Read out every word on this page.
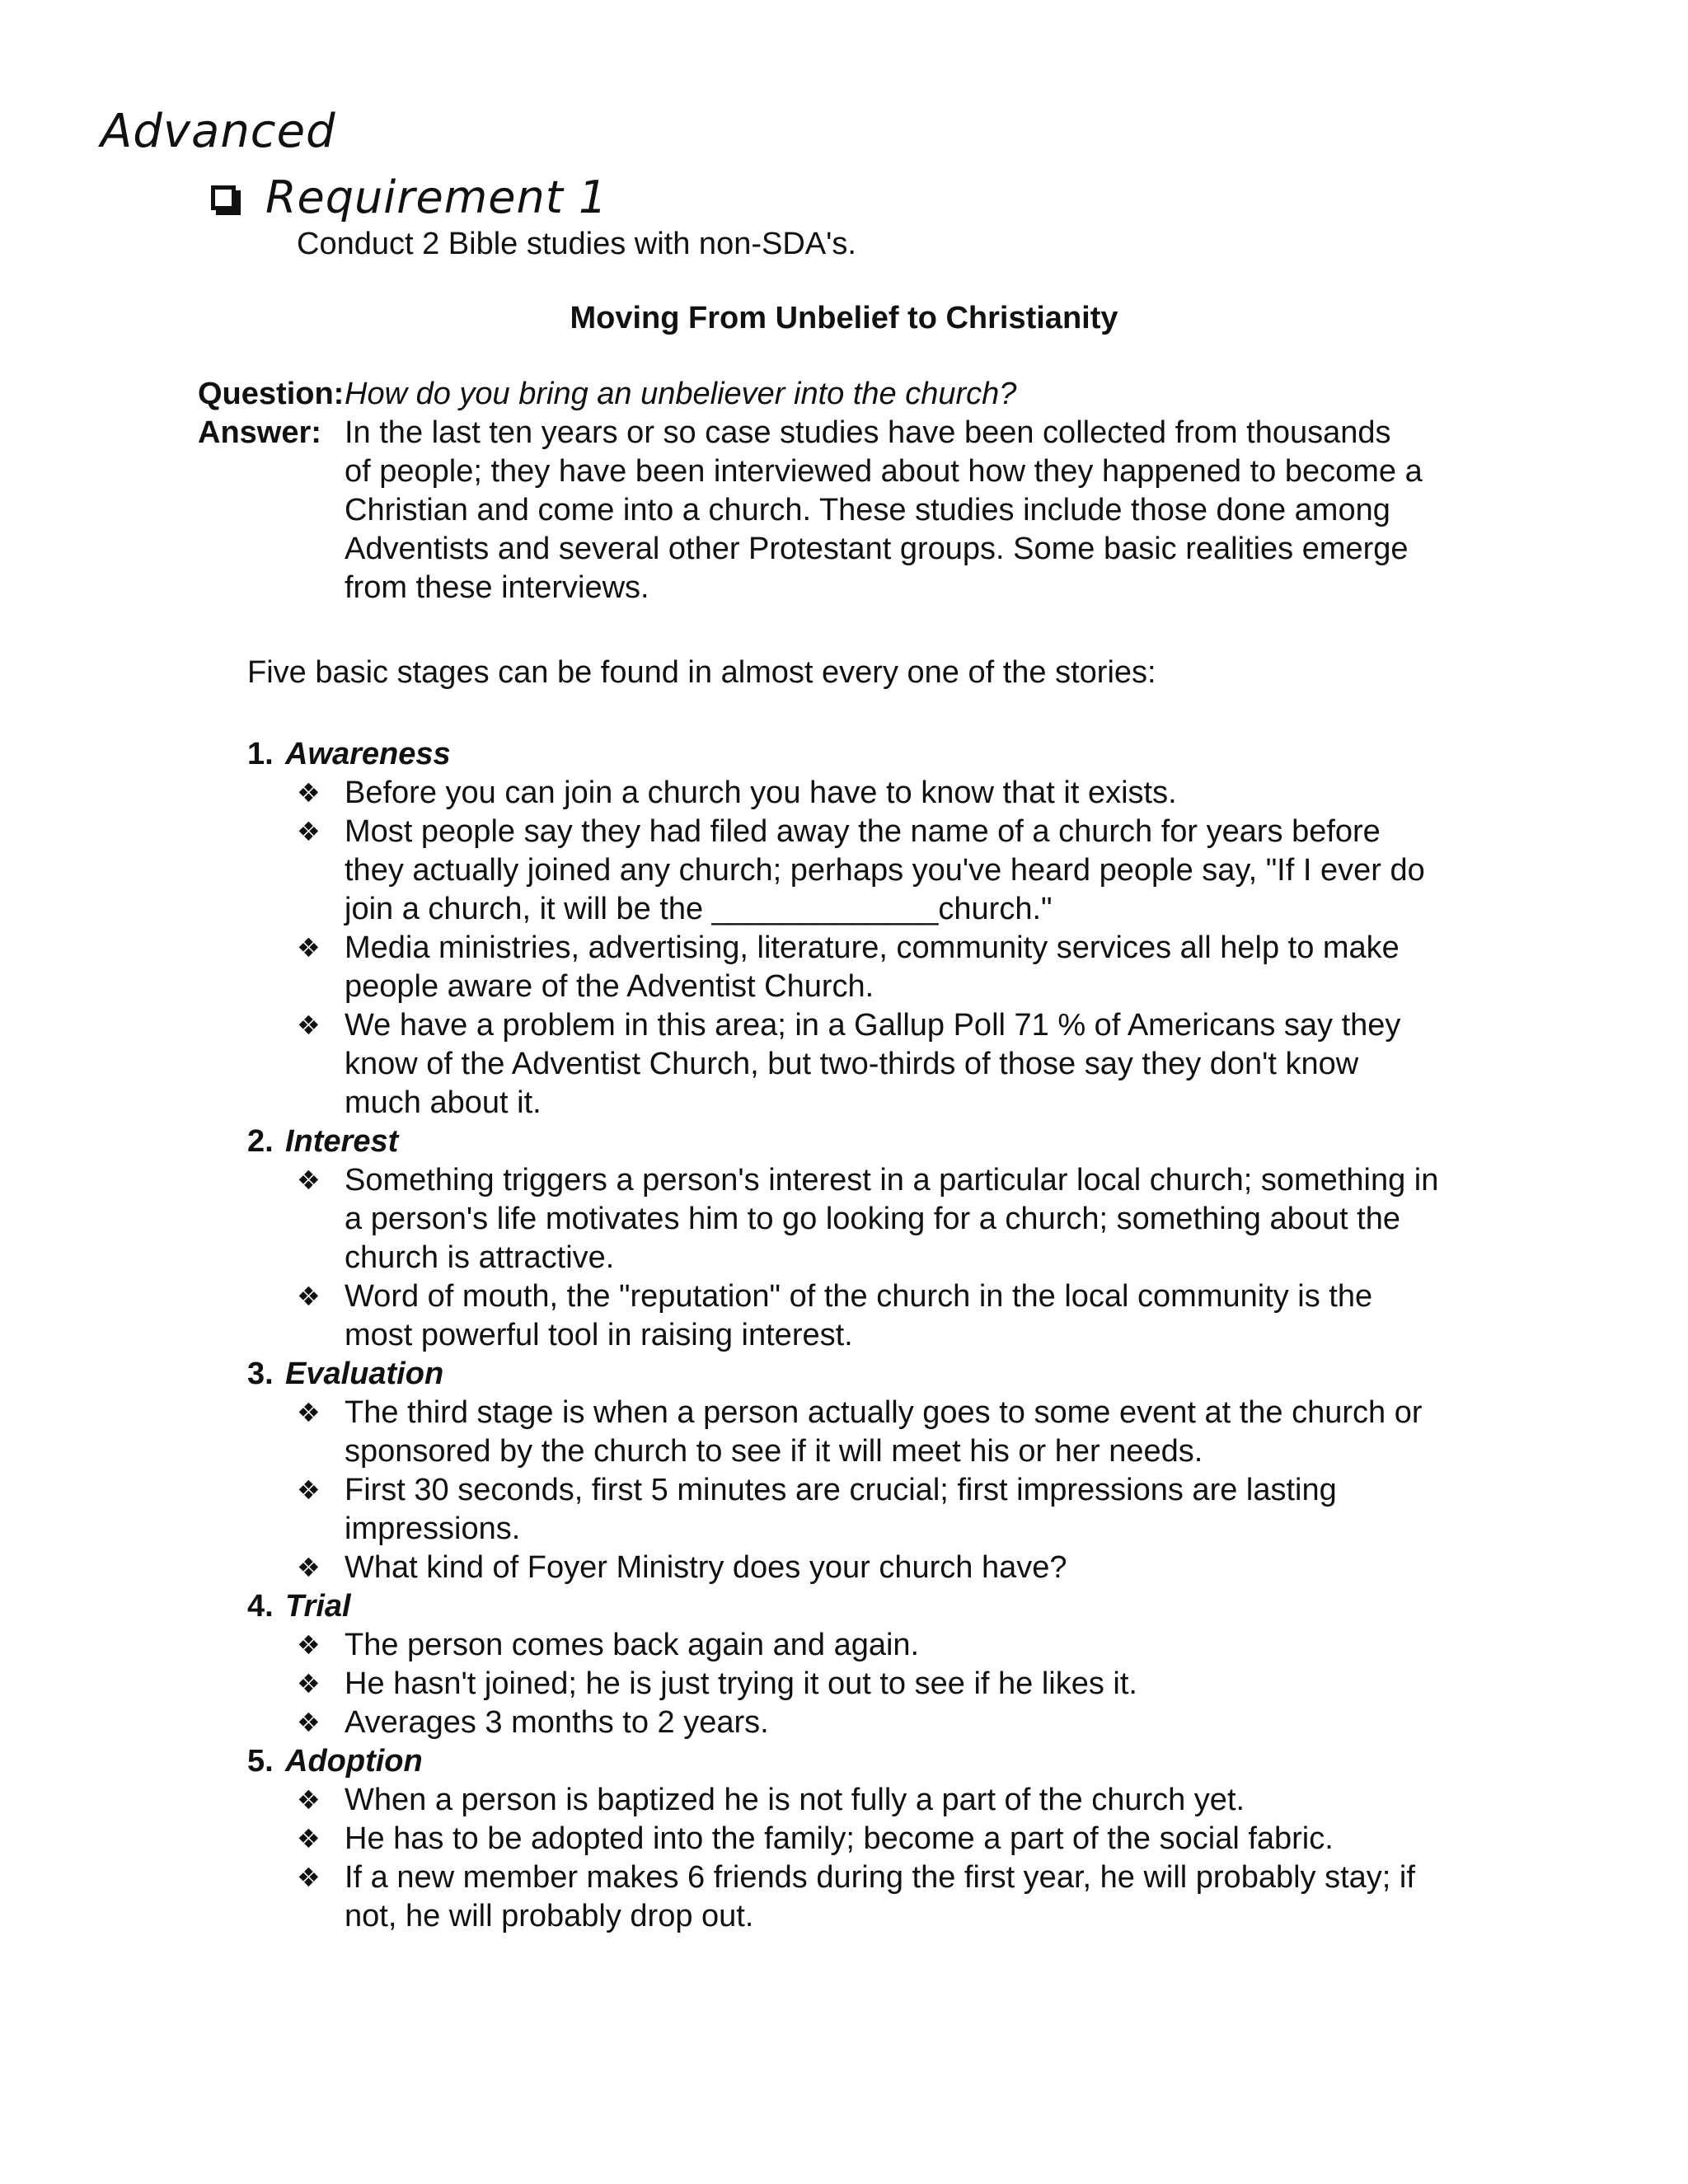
Advanced
Requirement 1
Conduct 2 Bible studies with non-SDA's.
Moving From Unbelief to Christianity
Question: How do you bring an unbeliever into the church?
Answer: In the last ten years or so case studies have been collected from thousands of people; they have been interviewed about how they happened to become a Christian and come into a church. These studies include those done among Adventists and several other Protestant groups. Some basic realities emerge from these interviews.
Five basic stages can be found in almost every one of the stories:
1. Awareness
❖ Before you can join a church you have to know that it exists.
❖ Most people say they had filed away the name of a church for years before they actually joined any church; perhaps you've heard people say, "If I ever do join a church, it will be the _____________church."
❖ Media ministries, advertising, literature, community services all help to make people aware of the Adventist Church.
❖ We have a problem in this area; in a Gallup Poll 71 % of Americans say they know of the Adventist Church, but two-thirds of those say they don't know much about it.
2. Interest
❖ Something triggers a person's interest in a particular local church; something in a person's life motivates him to go looking for a church; something about the church is attractive.
❖ Word of mouth, the "reputation" of the church in the local community is the most powerful tool in raising interest.
3. Evaluation
❖ The third stage is when a person actually goes to some event at the church or sponsored by the church to see if it will meet his or her needs.
❖ First 30 seconds, first 5 minutes are crucial; first impressions are lasting impressions.
❖ What kind of Foyer Ministry does your church have?
4. Trial
❖ The person comes back again and again.
❖ He hasn't joined; he is just trying it out to see if he likes it.
❖ Averages 3 months to 2 years.
5. Adoption
❖ When a person is baptized he is not fully a part of the church yet.
❖ He has to be adopted into the family; become a part of the social fabric.
❖ If a new member makes 6 friends during the first year, he will probably stay; if not, he will probably drop out.
